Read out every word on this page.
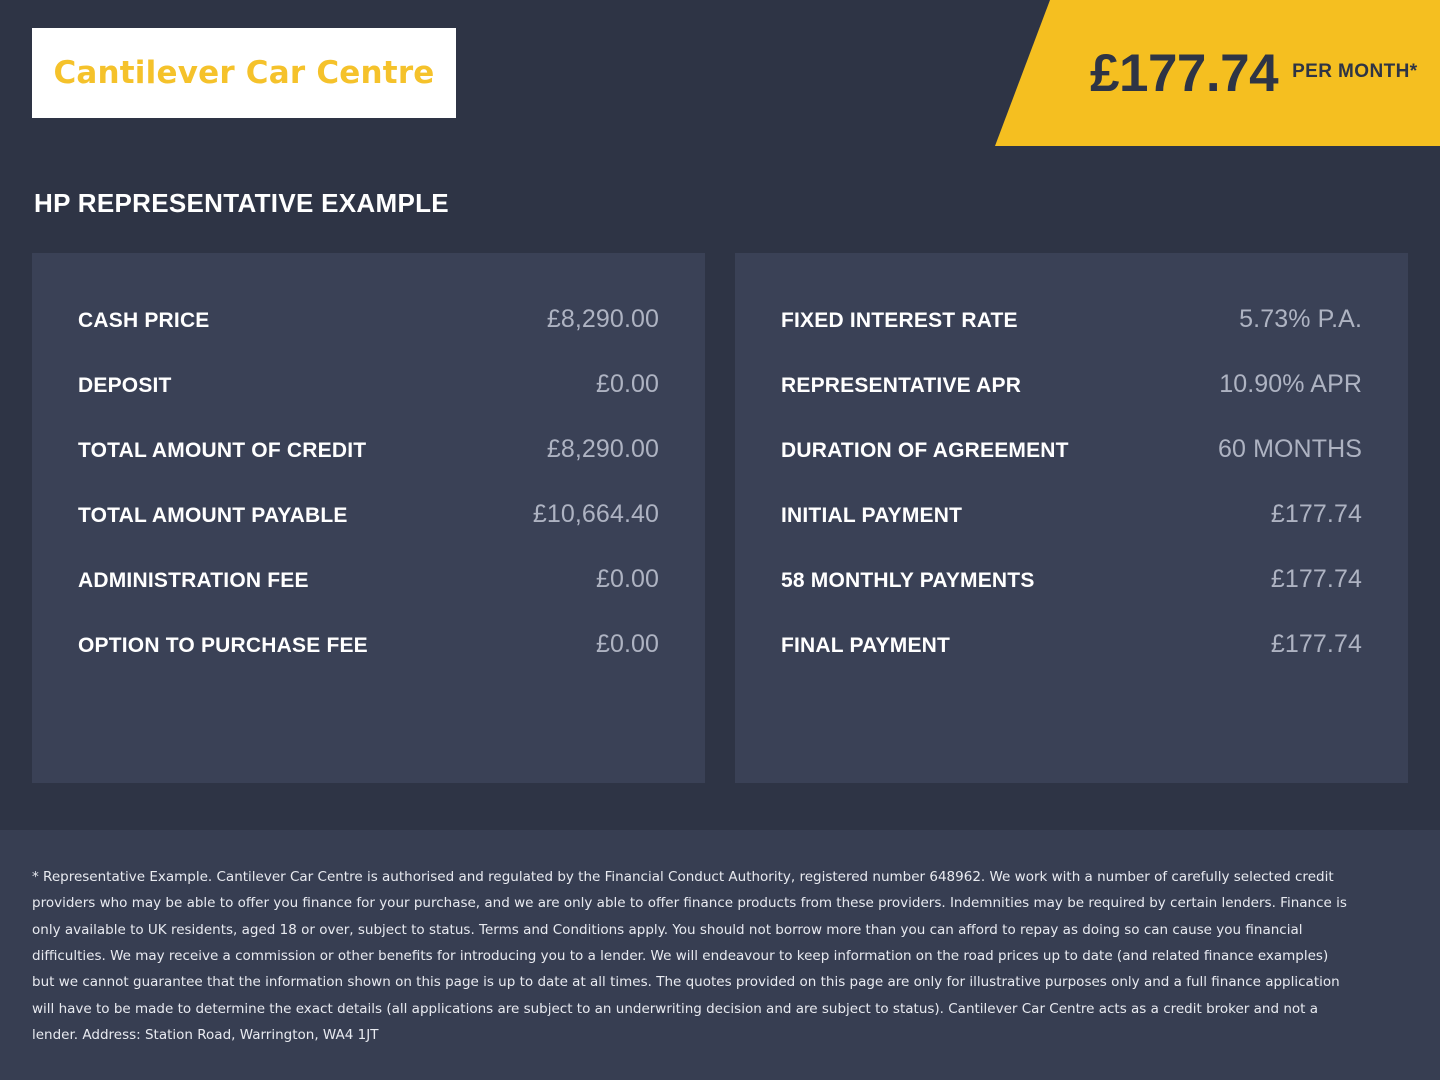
Cantilever Car Centre	£177.74 PER MONTH*
HP REPRESENTATIVE EXAMPLE
CASH PRICE	£8,290.00
DEPOSIT	£0.00
TOTAL AMOUNT OF CREDIT	£8,290.00
TOTAL AMOUNT PAYABLE	£10,664.40
ADMINISTRATION FEE	£0.00
OPTION TO PURCHASE FEE	£0.00
FIXED INTEREST RATE	5.73% P.A.
REPRESENTATIVE APR	10.90% APR
DURATION OF AGREEMENT	60 MONTHS
INITIAL PAYMENT	£177.74
58 MONTHLY PAYMENTS	£177.74
FINAL PAYMENT	£177.74

* Representative Example. Cantilever Car Centre is authorised and regulated by the Financial Conduct Authority, registered number 648962. We work with a number of carefully selected credit providers who may be able to offer you finance for your purchase, and we are only able to offer finance products from these providers. Indemnities may be required by certain lenders. Finance is only available to UK residents, aged 18 or over, subject to status. Terms and Conditions apply. You should not borrow more than you can afford to repay as doing so can cause you financial difficulties. We may receive a commission or other benefits for introducing you to a lender. We will endeavour to keep information on the road prices up to date (and related finance examples) but we cannot guarantee that the information shown on this page is up to date at all times. The quotes provided on this page are only for illustrative purposes only and a full finance application will have to be made to determine the exact details (all applications are subject to an underwriting decision and are subject to status). Cantilever Car Centre acts as a credit broker and not a lender. Address: Station Road, Warrington, WA4 1JT
